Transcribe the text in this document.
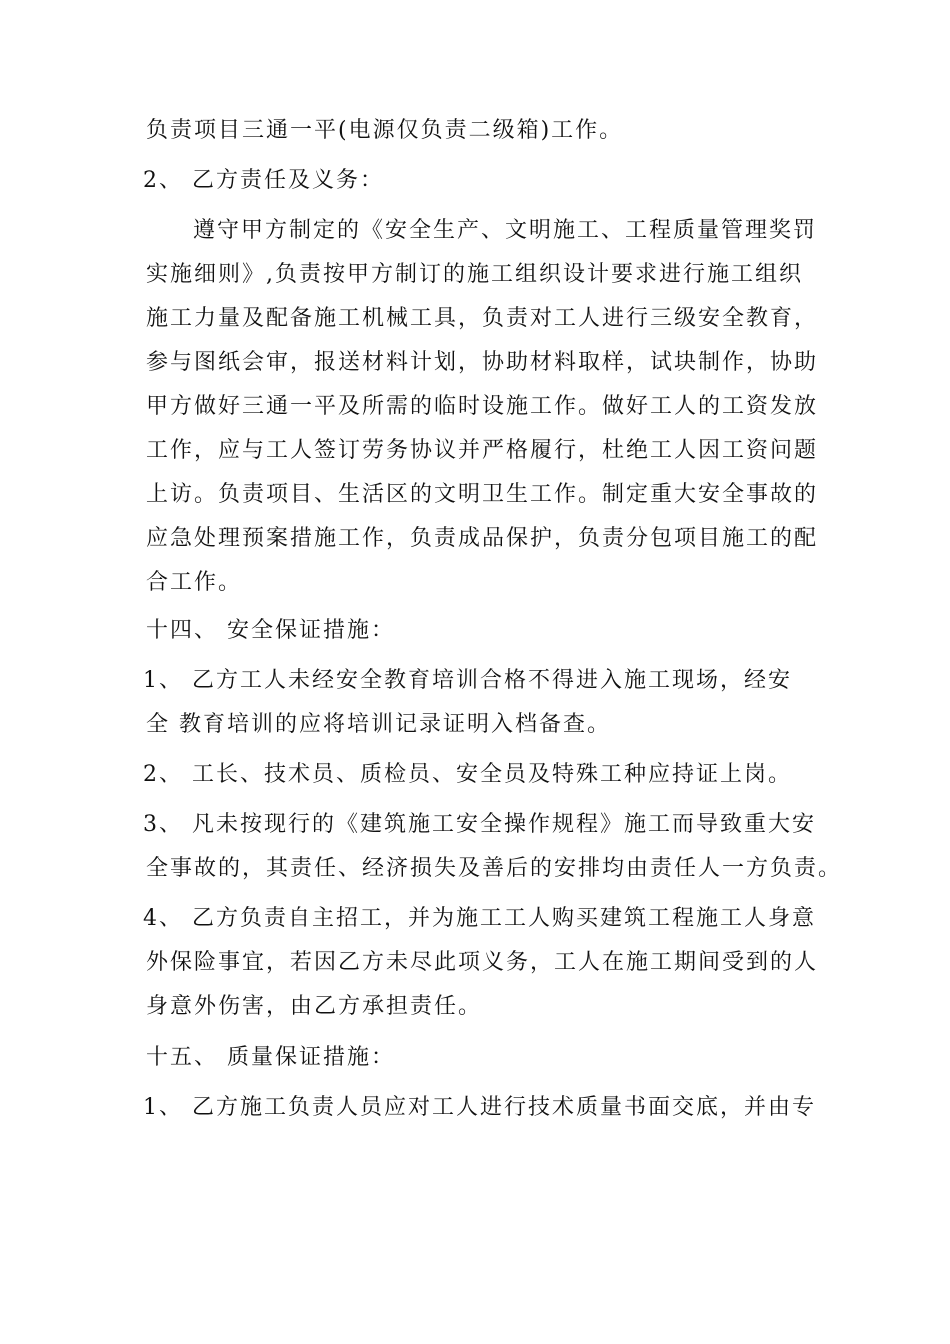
负责项目三通一平(电源仅负责二级箱)工作。

2、 乙方责任及义务：

遵守甲方制定的《安全生产、文明施工、工程质量管理奖罚

实施细则》,负责按甲方制订的施工组织设计要求进行施工组织

施工力量及配备施工机械工具，负责对工人进行三级安全教育，

参与图纸会审，报送材料计划，协助材料取样，试块制作，协助

甲方做好三通一平及所需的临时设施工作。做好工人的工资发放

工作，应与工人签订劳务协议并严格履行，杜绝工人因工资问题

上访。负责项目、生活区的文明卫生工作。制定重大安全事故的

应急处理预案措施工作，负责成品保护，负责分包项目施工的配

合工作。

十四、 安全保证措施：

1、 乙方工人未经安全教育培训合格不得进入施工现场，经安

全 教育培训的应将培训记录证明入档备查。

2、 工长、技术员、质检员、安全员及特殊工种应持证上岗。

3、 凡未按现行的《建筑施工安全操作规程》施工而导致重大安

全事故的，其责任、经济损失及善后的安排均由责任人一方负责。

4、 乙方负责自主招工，并为施工工人购买建筑工程施工人身意

外保险事宜，若因乙方未尽此项义务，工人在施工期间受到的人

身意外伤害，由乙方承担责任。

十五、 质量保证措施：

1、 乙方施工负责人员应对工人进行技术质量书面交底，并由专
